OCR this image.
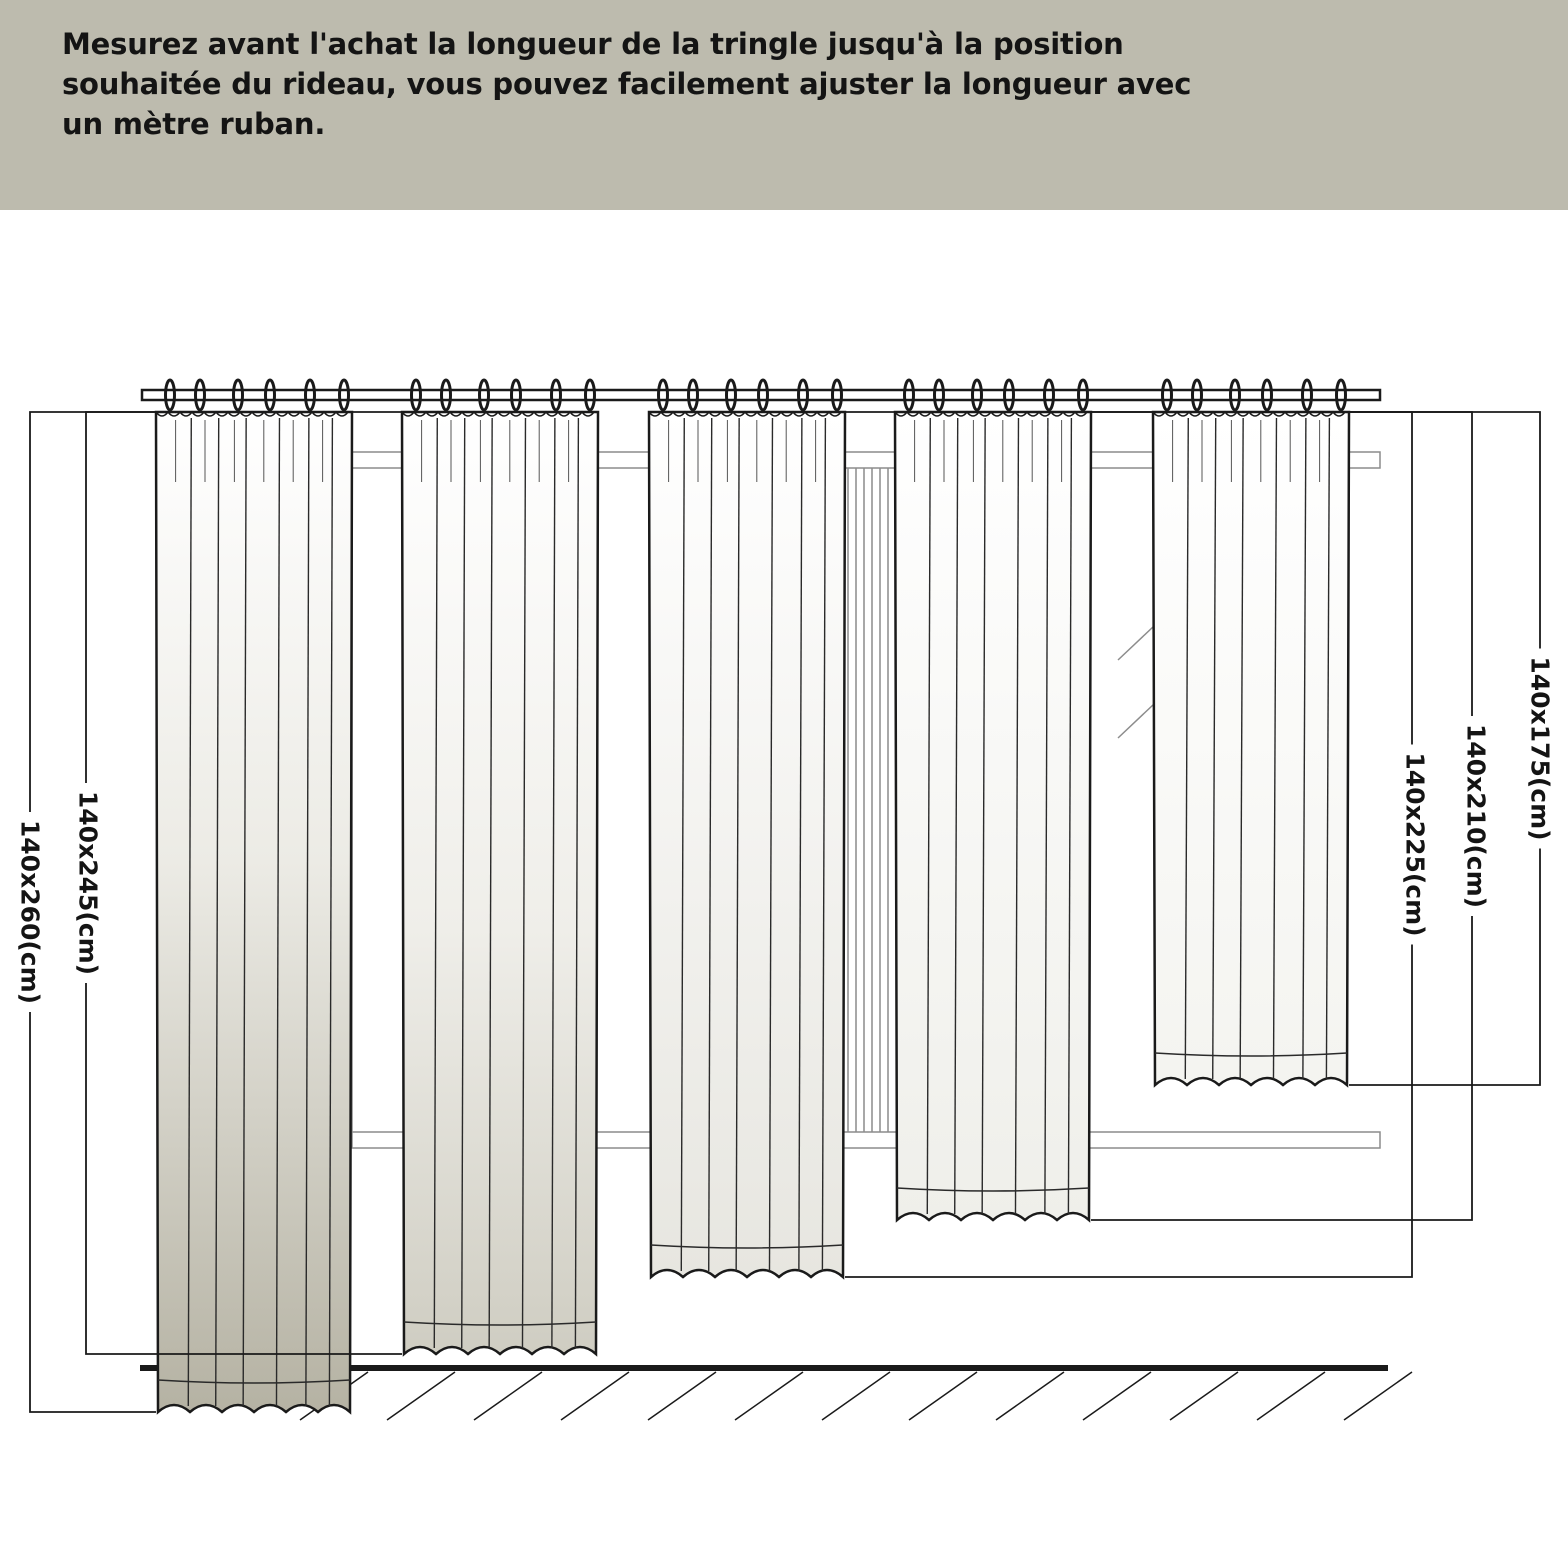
Mesurez avant l'achat la longueur de la tringle jusqu'à la position souhaitée du rideau, vous pouvez facilement ajuster la longueur avec un mètre ruban.

140x260(cm) 140x245(cm)	140x225(cm) 140x210(cm) 140x175(cm)
